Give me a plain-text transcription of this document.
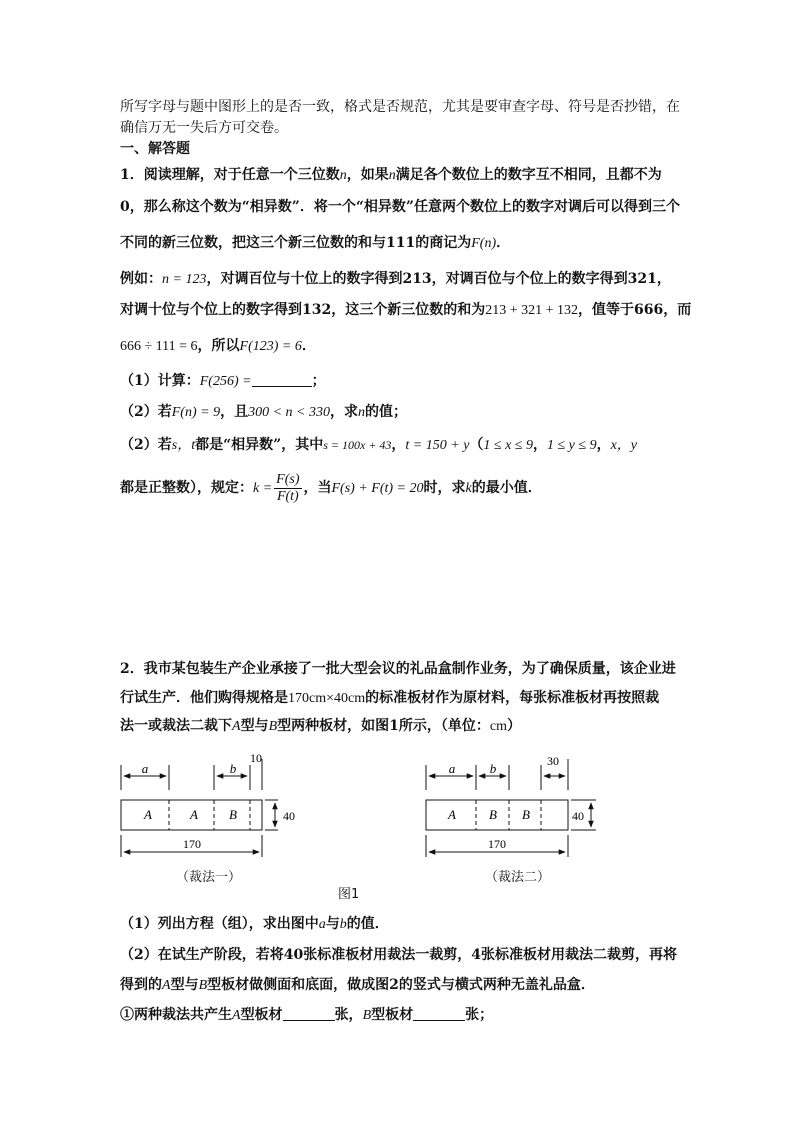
所写字母与题中图形上的是否一致，格式是否规范，尤其是要审查字母、符号是否抄错，在
确信万无一失后方可交卷。
一、解答题
1．阅读理解，对于任意一个三位数n，如果n满足各个数位上的数字互不相同，且都不为
0，那么称这个数为“相异数”．将一个“相异数”任意两个数位上的数字对调后可以得到三个
不同的新三位数，把这三个新三位数的和与111的商记为F(n)．
例如：n = 123，对调百位与十位上的数字得到213，对调百位与个位上的数字得到321，
对调十位与个位上的数字得到132，这三个新三位数的和为213 + 321 + 132，值等于666，而
666 ÷ 111 = 6，所以F(123) = 6．
（1）计算：F(256) =	；
（2）若F(n) = 9，且300 < n < 330，求n的值；
（2）若s，t都是“相异数”，其中s = 100x + 43，t = 150 + y（1 ≤ x ≤ 9，1 ≤ y ≤ 9，x，y
都是正整数），规定：$k = \frac{F(s)}{F(t)}$ ，当F(s) + F(t) = 20时，求k的最小值．
2．我市某包装生产企业承接了一批大型会议的礼品盒制作业务，为了确保质量，该企业进
行试生产．他们购得规格是170cm×40cm的标准板材作为原材料，每张标准板材再按照裁
法一或裁法二裁下A型与B型两种板材，如图1所示，（单位：cm）
a	b
10
A	A B	40
170
a	b	30
A	B B	40
170
（裁法一）	（裁法二）
图1
（1）列出方程（组），求出图中a与b的值．
（2）在试生产阶段，若将40张标准板材用裁法一裁剪，4张标准板材用裁法二裁剪，再将
得到的A型与B型板材做侧面和底面，做成图2的竖式与横式两种无盖礼品盒．
①两种裁法共产生A型板材	张，B型板材	张；
